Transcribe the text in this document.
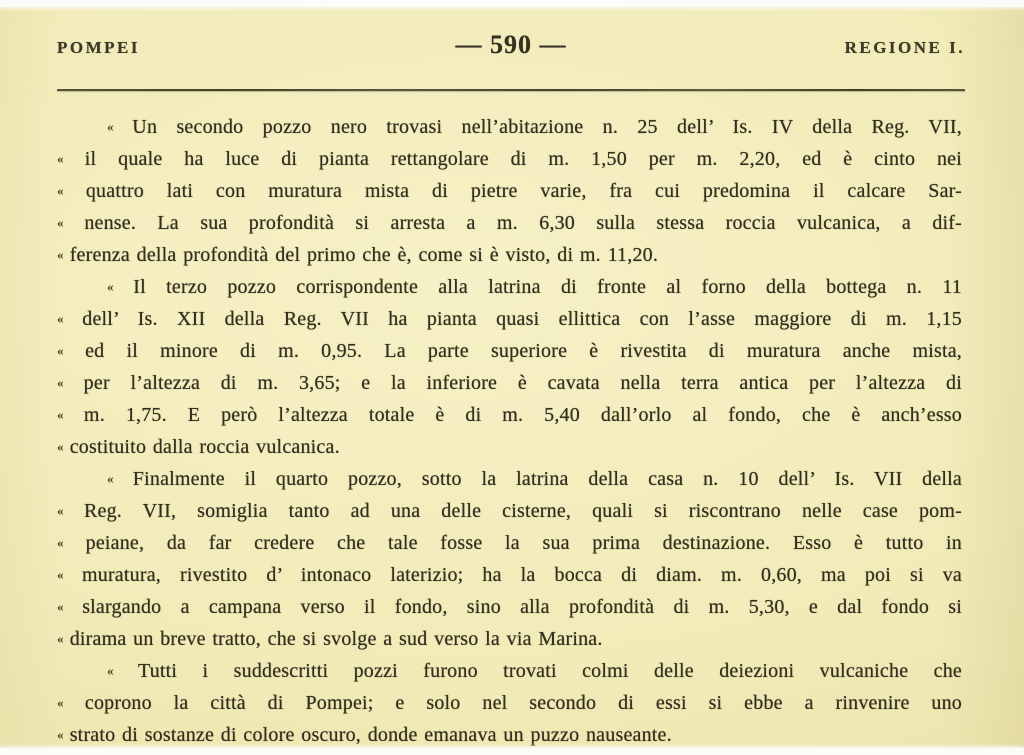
POMPEI	— 590 —	REGIONE I.
« Un secondo pozzo nero trovasi nell’abitazione n. 25 dell’ Is. IV della Reg. VII,
« il quale ha luce di pianta rettangolare di m. 1,50 per m. 2,20, ed è cinto nei
« quattro lati con muratura mista di pietre varie, fra cui predomina il calcare Sar-
« nense. La sua profondità si arresta a m. 6,30 sulla stessa roccia vulcanica, a dif-
« ferenza della profondità del primo che è, come si è visto, di m. 11,20.
« Il terzo pozzo corrispondente alla latrina di fronte al forno della bottega n. 11
« dell’ Is. XII della Reg. VII ha pianta quasi ellittica con l’asse maggiore di m. 1,15
« ed il minore di m. 0,95. La parte superiore è rivestita di muratura anche mista,
« per l’altezza di m. 3,65; e la inferiore è cavata nella terra antica per l’altezza di
« m. 1,75. E però l’altezza totale è di m. 5,40 dall’orlo al fondo, che è anch’esso
« costituito dalla roccia vulcanica.
« Finalmente il quarto pozzo, sotto la latrina della casa n. 10 dell’ Is. VII della
« Reg. VII, somiglia tanto ad una delle cisterne, quali si riscontrano nelle case pom-
« peiane, da far credere che tale fosse la sua prima destinazione. Esso è tutto in
« muratura, rivestito d’ intonaco laterizio; ha la bocca di diam. m. 0,60, ma poi si va
« slargando a campana verso il fondo, sino alla profondità di m. 5,30, e dal fondo si
« dirama un breve tratto, che si svolge a sud verso la via Marina.
« Tutti i suddescritti pozzi furono trovati colmi delle deiezioni vulcaniche che
« coprono la città di Pompei; e solo nel secondo di essi si ebbe a rinvenire uno
« strato di sostanze di colore oscuro, donde emanava un puzzo nauseante.
